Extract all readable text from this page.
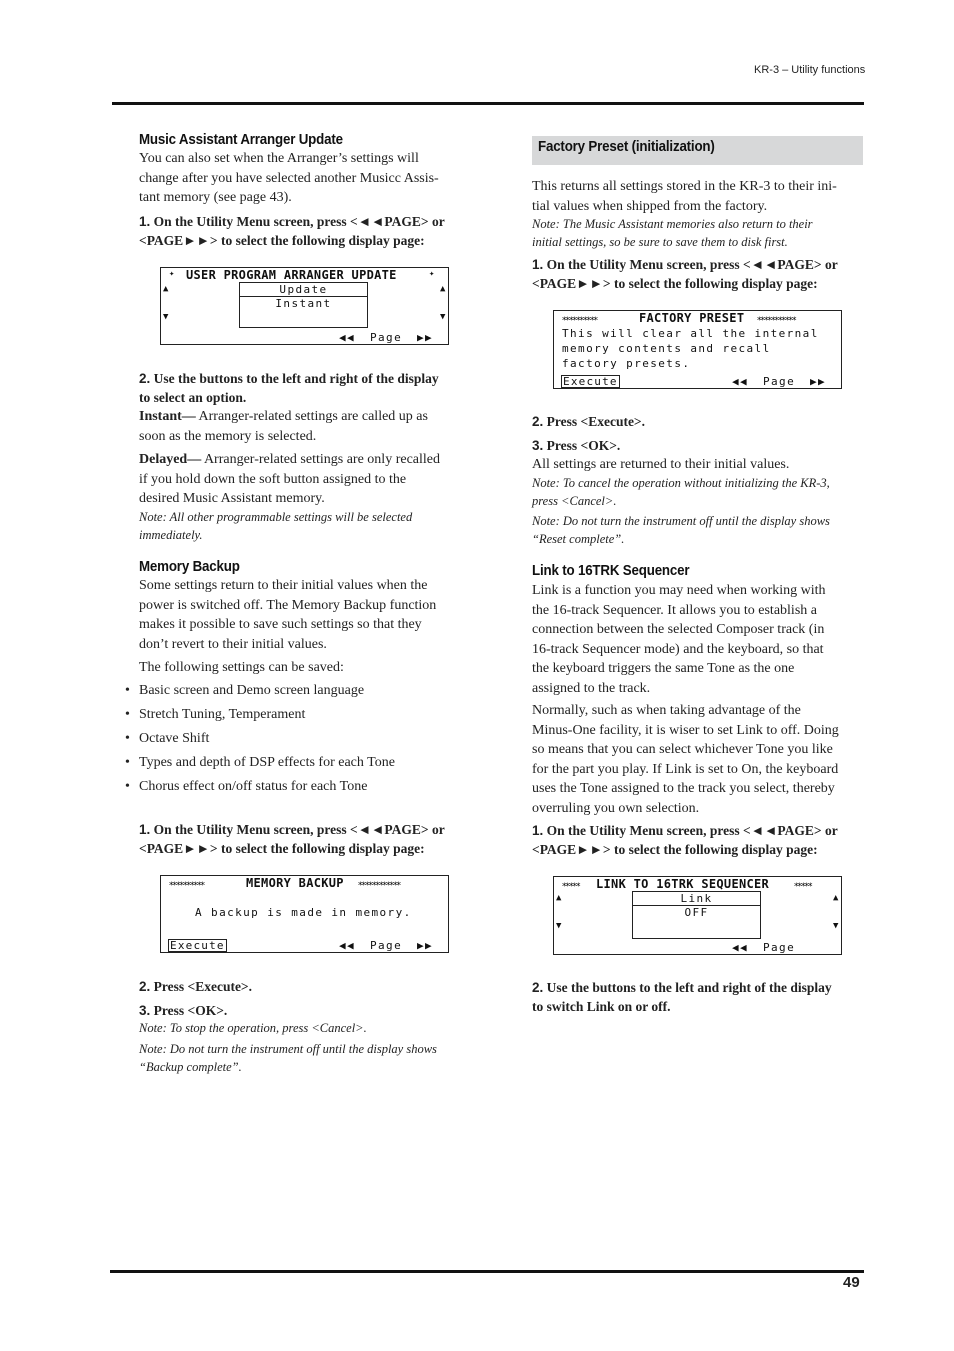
KR-3 – Utility functions
Music Assistant Arranger Update

You can also set when the Arranger’s settings will

change after you have selected another Musicc Assis-

tant memory (see page 43).

1. On the Utility Menu screen, press <◄◄PAGE> or
<PAGE►►> to select the following display page:
✦ USER PROGRAM ARRANGER UPDATE	✦
▲
▼
▲
▼
Update
Instant
◀◀ Page ▶▶
2. Use the buttons to the left and right of the display
to select an option.

Instant— Arranger-related settings are called up as

soon as the memory is selected.

Delayed— Arranger-related settings are only recalled

if you hold down the soft button assigned to the

desired Music Assistant memory.

Note: All other programmable settings will be selected
immediately.
Memory Backup

Some settings return to their initial values when the

power is switched off. The Memory Backup function

makes it possible to save such settings so that they

don’t revert to their initial values.

The following settings can be saved:

• Basic screen and Demo screen language
• Stretch Tuning, Temperament
• Octave Shift
• Types and depth of DSP effects for each Tone
• Chorus effect on/off status for each Tone
1. On the Utility Menu screen, press <◄◄PAGE> or
<PAGE►►> to select the following display page:
⁎⁎⁎⁎⁎⁎⁎⁎⁎⁎	MEMORY BACKUP ⁎⁎⁎⁎⁎⁎⁎⁎⁎⁎⁎⁎
A backup is made in memory.
Execute	◀◀ Page ▶▶
2. Press <Execute>.
3. Press <OK>.
Note: To stop the operation, press <Cancel>.
Note: Do not turn the instrument off until the display shows
“Backup complete”.
Factory Preset (initialization)

This returns all settings stored in the KR-3 to their ini-

tial values when shipped from the factory.

Note: The Music Assistant memories also return to their
initial settings, so be sure to save them to disk first.
1. On the Utility Menu screen, press <◄◄PAGE> or
<PAGE►►> to select the following display page:
⁎⁎⁎⁎⁎⁎⁎⁎⁎⁎	FACTORY PRESET ⁎⁎⁎⁎⁎⁎⁎⁎⁎⁎⁎
This will clear all the internal
memory contents and recall
factory presets.
Execute	◀◀ Page ▶▶
2. Press <Execute>.
3. Press <OK>.

All settings are returned to their initial values.

Note: To cancel the operation without initializing the KR-3,
press <Cancel>.
Note: Do not turn the instrument off until the display shows
“Reset complete”.
Link to 16TRK Sequencer

Link is a function you may need when working with

the 16-track Sequencer. It allows you to establish a

connection between the selected Composer track (in

16-track Sequencer mode) and the keyboard, so that

the keyboard triggers the same Tone as the one

assigned to the track.

Normally, such as when taking advantage of the

Minus-One facility, it is wiser to set Link to off. Doing

so means that you can select whichever Tone you like

for the part you play. If Link is set to On, the keyboard

uses the Tone assigned to the track you select, thereby

overruling you own selection.

1. On the Utility Menu screen, press <◄◄PAGE> or
<PAGE►►> to select the following display page:
⁎⁎⁎⁎⁎ LINK TO 16TRK SEQUENCER	⁎⁎⁎⁎⁎
▲
▼
▲
▼
Link
OFF
◀◀ Page
2. Use the buttons to the left and right of the display
to switch Link on or off.
49
